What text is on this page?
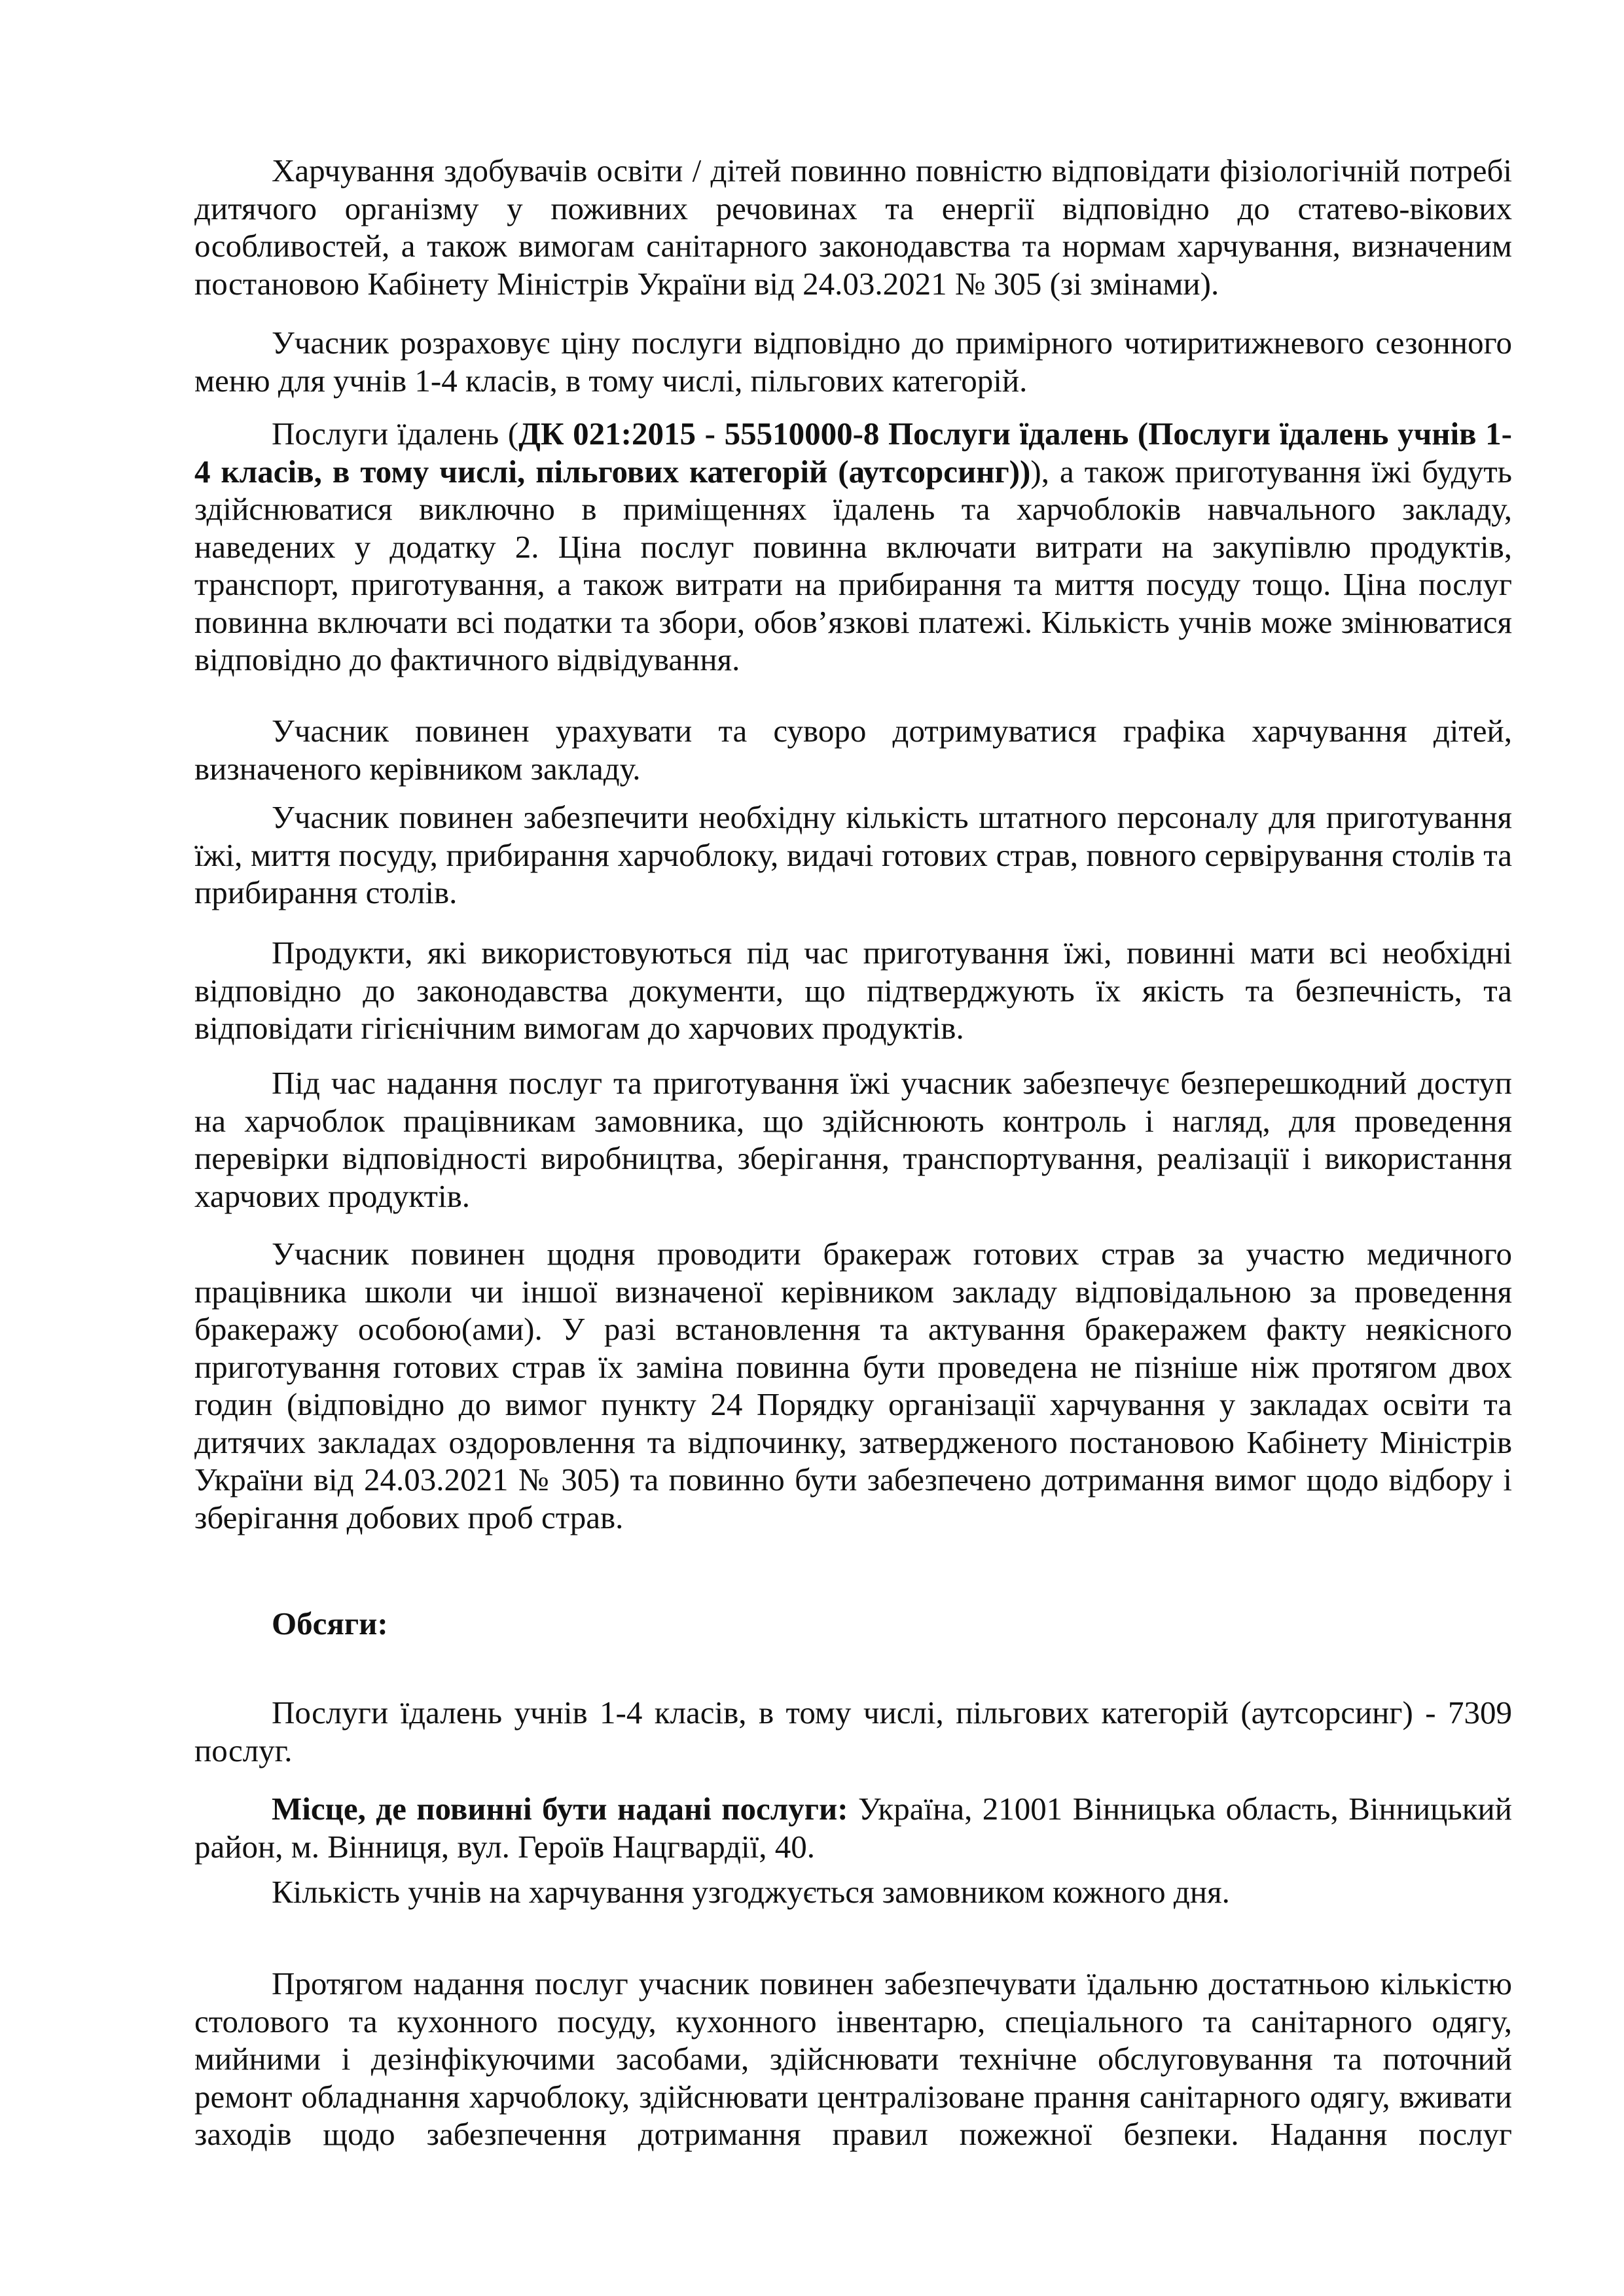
Харчування здобувачів освіти / дітей повинно повністю відповідати фізіологічній потребі дитячого організму у поживних речовинах та енергії відповідно до статево-вікових особливостей, а також вимогам санітарного законодавства та нормам харчування, визначеним постановою Кабінету Міністрів України від 24.03.2021 № 305 (зі змінами).

Учасник розраховує ціну послуги відповідно до примірного чотиритижневого сезонного меню для учнів 1-4 класів, в тому числі, пільгових категорій.

Послуги їдалень (ДК 021:2015 - 55510000-8 Послуги їдалень (Послуги їдалень учнів 1-4 класів, в тому числі, пільгових категорій (аутсорсинг))), а також приготування їжі будуть здійснюватися виключно в приміщеннях їдалень та харчоблоків навчального закладу, наведених у додатку 2. Ціна послуг повинна включати витрати на закупівлю продуктів, транспорт, приготування, а також витрати на прибирання та миття посуду тощо. Ціна послуг повинна включати всі податки та збори, обов’язкові платежі. Кількість учнів може змінюватися відповідно до фактичного відвідування.

Учасник повинен урахувати та суворо дотримуватися графіка харчування дітей, визначеного керівником закладу.

Учасник повинен забезпечити необхідну кількість штатного персоналу для приготування їжі, миття посуду, прибирання харчоблоку, видачі готових страв, повного сервірування столів та прибирання столів.

Продукти, які використовуються під час приготування їжі, повинні мати всі необхідні відповідно до законодавства документи, що підтверджують їх якість та безпечність, та відповідати гігієнічним вимогам до харчових продуктів.

Під час надання послуг та приготування їжі учасник забезпечує безперешкодний доступ на харчоблок працівникам замовника, що здійснюють контроль і нагляд, для проведення перевірки відповідності виробництва, зберігання, транспортування, реалізації і використання харчових продуктів.

Учасник повинен щодня проводити бракераж готових страв за участю медичного працівника школи чи іншої визначеної керівником закладу відповідальною за проведення бракеражу особою(ами). У разі встановлення та актування бракеражем факту неякісного приготування готових страв їх заміна повинна бути проведена не пізніше ніж протягом двох годин (відповідно до вимог пункту 24 Порядку організації харчування у закладах освіти та дитячих закладах оздоровлення та відпочинку, затвердженого постановою Кабінету Міністрів України від 24.03.2021 № 305) та повинно бути забезпечено дотримання вимог щодо відбору і зберігання добових проб страв.

Обсяги:

Послуги їдалень учнів 1-4 класів, в тому числі, пільгових категорій (аутсорсинг) - 7309 послуг.

Місце, де повинні бути надані послуги: Україна, 21001 Вінницька область, Вінницький район, м. Вінниця, вул. Героїв Нацгвардії, 40.

Кількість учнів на харчування узгоджується замовником кожного дня.

Протягом надання послуг учасник повинен забезпечувати їдальню достатньою кількістю столового та кухонного посуду, кухонного інвентарю, спеціального та санітарного одягу, мийними і дезінфікуючими засобами, здійснювати технічне обслуговування та поточний ремонт обладнання харчоблоку, здійснювати централізоване прання санітарного одягу, вживати заходів щодо забезпечення дотримання правил пожежної безпеки. Надання послуг
